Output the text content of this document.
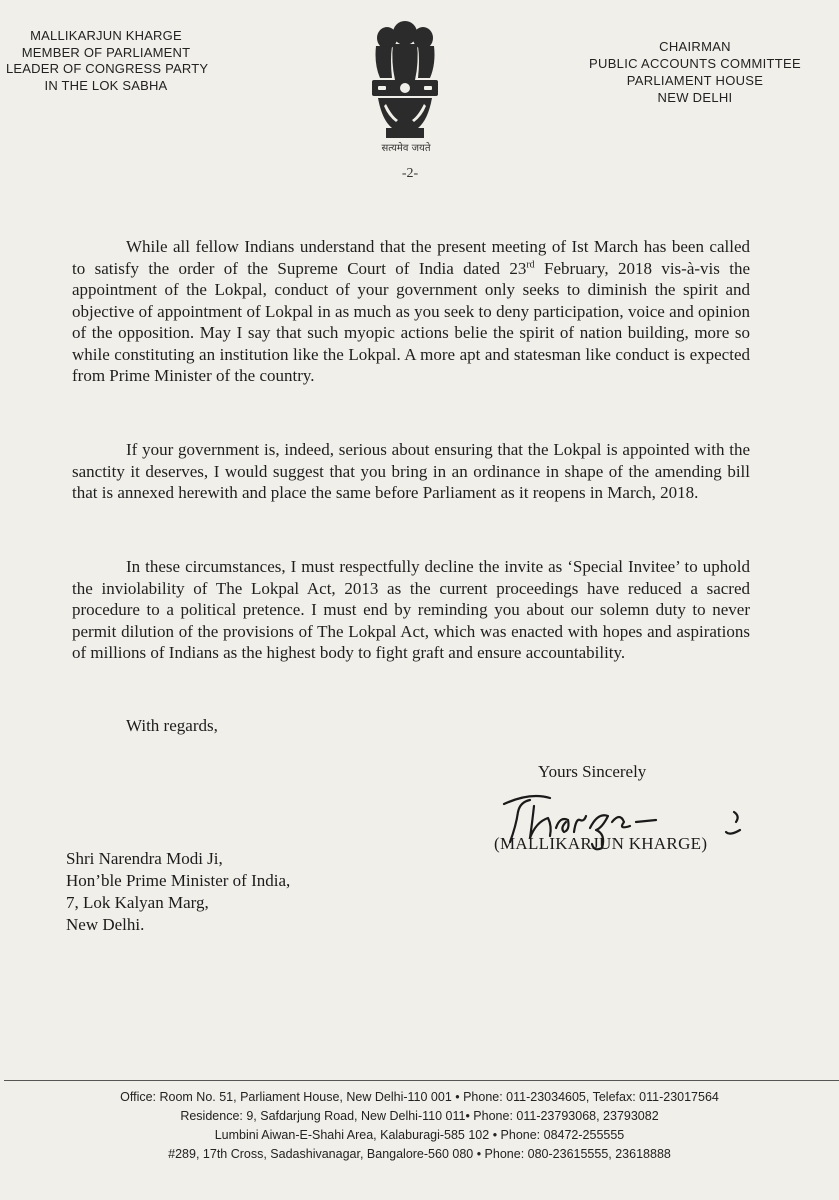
MALLIKARJUN KHARGE
MEMBER OF PARLIAMENT
LEADER OF CONGRESS PARTY
IN THE LOK SABHA
सत्यमेव जयते
CHAIRMAN
PUBLIC ACCOUNTS COMMITTEE
PARLIAMENT HOUSE
NEW DELHI
-2-
While all fellow Indians understand that the present meeting of Ist March has been called to satisfy the order of the Supreme Court of India dated 23rd February, 2018 vis-à-vis the appointment of the Lokpal, conduct of your government only seeks to diminish the spirit and objective of appointment of Lokpal in as much as you seek to deny participation, voice and opinion of the opposition. May I say that such myopic actions belie the spirit of nation building, more so while constituting an institution like the Lokpal. A more apt and statesman like conduct is expected from Prime Minister of the country.
If your government is, indeed, serious about ensuring that the Lokpal is appointed with the sanctity it deserves, I would suggest that you bring in an ordinance in shape of the amending bill that is annexed herewith and place the same before Parliament as it reopens in March, 2018.
In these circumstances, I must respectfully decline the invite as ‘Special Invitee’ to uphold the inviolability of The Lokpal Act, 2013 as the current proceedings have reduced a sacred procedure to a political pretence. I must end by reminding you about our solemn duty to never permit dilution of the provisions of The Lokpal Act, which was enacted with hopes and aspirations of millions of Indians as the highest body to fight graft and ensure accountability.
With regards,
Yours Sincerely
(MALLIKARJUN KHARGE)
Shri Narendra Modi Ji,
Hon’ble Prime Minister of India,
7, Lok Kalyan Marg,
New Delhi.
Office: Room No. 51, Parliament House, New Delhi-110 001 • Phone: 011-23034605, Telefax: 011-23017564
Residence: 9, Safdarjung Road, New Delhi-110 011• Phone: 011-23793068, 23793082
Lumbini Aiwan-E-Shahi Area, Kalaburagi-585 102 • Phone: 08472-255555
#289, 17th Cross, Sadashivanagar, Bangalore-560 080 • Phone: 080-23615555, 23618888
